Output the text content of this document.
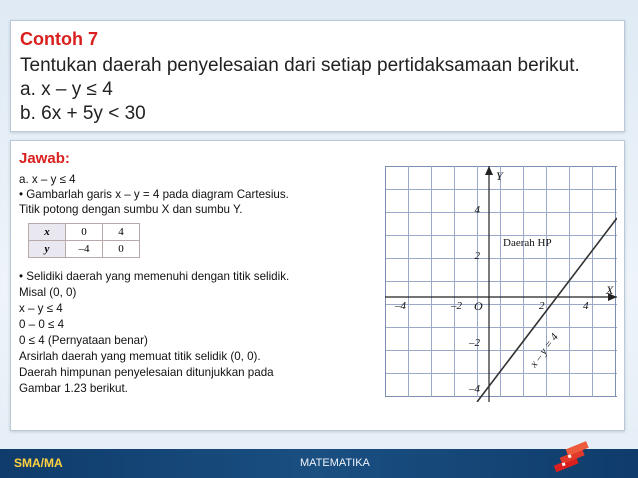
Contoh 7
Tentukan daerah penyelesaian dari setiap pertidaksamaan berikut.
a. x – y ≤ 4
b. 6x + 5y < 30
Jawab:
a. x – y ≤ 4
• Gambarlah garis x – y = 4 pada diagram Cartesius.
Titik potong dengan sumbu X dan sumbu Y.
x	0	4
y	–4	0
• Selidiki daerah yang memenuhi dengan titik selidik.
Misal (0, 0)
x – y ≤ 4
0 – 0 ≤ 4
0 ≤ 4 (Pernyataan benar)
Arsirlah daerah yang memuat titik selidik (0, 0).
Daerah himpunan penyelesaian ditunjukkan pada
Gambar 1.23 berikut.
Y
X
O
–4	–2	2	4
4
2
–2
–4
Daerah HP
x – y = 4
SMA/MA	MATEMATIKA
